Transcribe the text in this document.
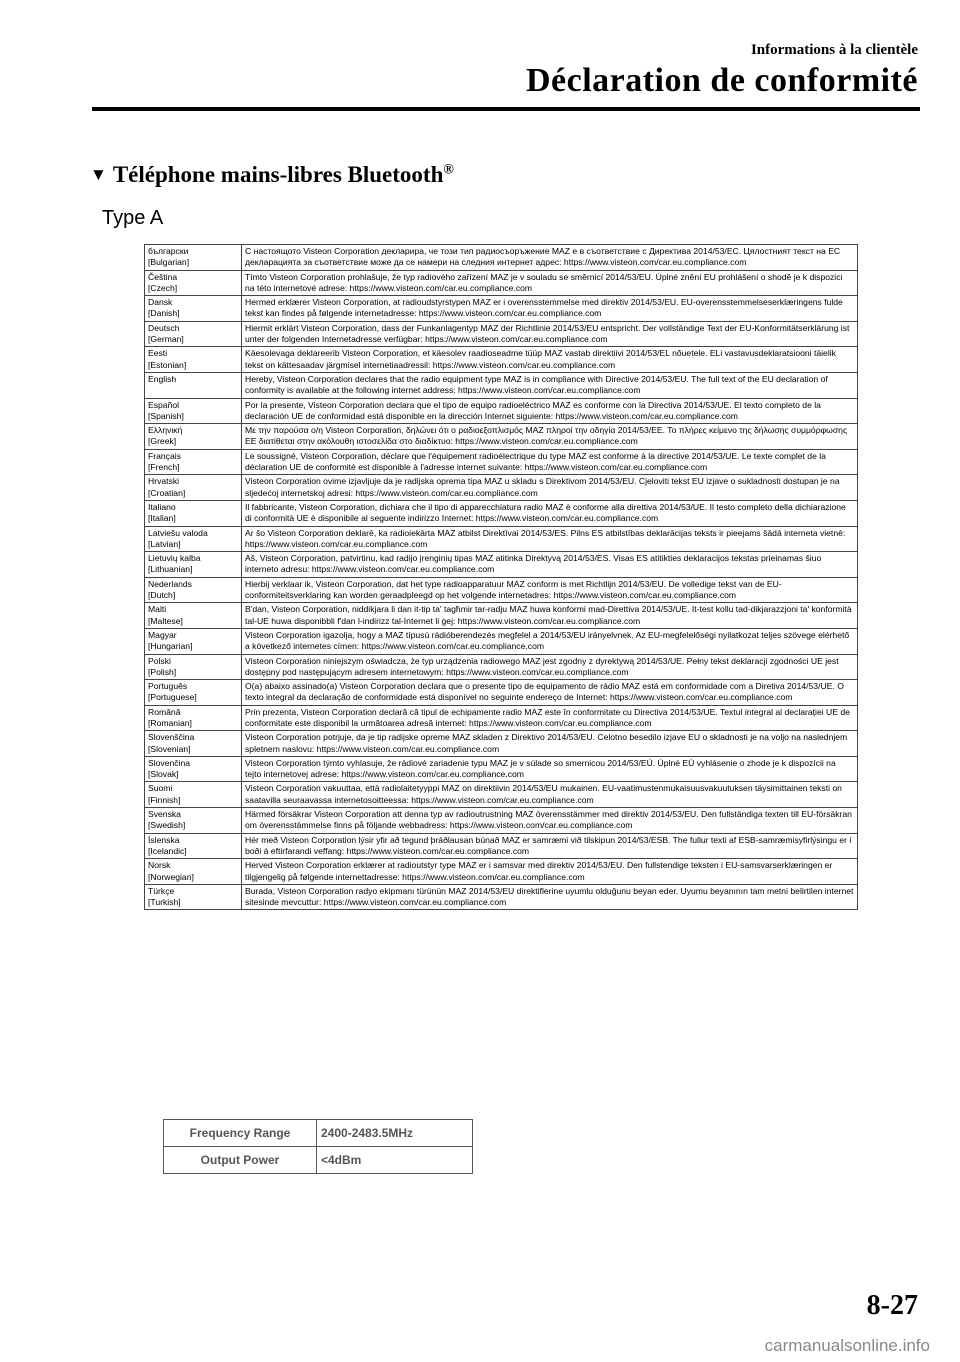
Informations à la clientèle
Déclaration de conformité
▼ Téléphone mains-libres Bluetooth®
Type A
български
[Bulgarian]	С настоящото Visteon Corporation декларира, че този тип радиосъоръжение MAZ е в съответствие с Директива 2014/53/ЕС. Цялостният текст на ЕС декларацията за съответствие може да се намери на следния интернет адрес: https://www.visteon.com/car.eu.compliance.com

Čeština
[Czech]	Tímto Visteon Corporation prohlašuje, že typ radiového zařízení MAZ je v souladu se směrnicí 2014/53/EU. Úplné znění EU prohlášení o shodě je k dispozici na této internetové adrese: https://www.visteon.com/car.eu.compliance.com

Dansk
[Danish]	Hermed erklærer Visteon Corporation, at radioudstyrstypen MAZ er i overensstemmelse med direktiv 2014/53/EU. EU-overensstemmelseserklæringens fulde tekst kan findes på følgende internetadresse: https://www.visteon.com/car.eu.compliance.com

Deutsch
[German]	Hiermit erklärt Visteon Corporation, dass der Funkanlagentyp MAZ der Richtlinie 2014/53/EU entspricht. Der vollständige Text der EU-Konformitätserklärung ist unter der folgenden Internetadresse verfügbar: https://www.visteon.com/car.eu.compliance.com

Eesti
[Estonian]	Käesolevaga deklareerib Visteon Corporation, et käesolev raadioseadme tüüp MAZ vastab direktiivi 2014/53/EL nõuetele. ELi vastavusdeklaratsiooni täielik tekst on kättesaadav järgmisel internetiaadressil: https://www.visteon.com/car.eu.compliance.com

English	Hereby, Visteon Corporation declares that the radio equipment type MAZ is in compliance with Directive 2014/53/EU. The full text of the EU declaration of conformity is available at the following internet address: https://www.visteon.com/car.eu.compliance.com

Español
[Spanish]	Por la presente, Visteon Corporation declara que el tipo de equipo radioeléctrico MAZ es conforme con la Directiva 2014/53/UE. El texto completo de la declaración UE de conformidad está disponible en la dirección Internet siguiente: https://www.visteon.com/car.eu.compliance.com

Ελληνική
[Greek]	Με την παρούσα ο/η Visteon Corporation, δηλώνει ότι ο ραδιοεξοπλισμός MAZ πληροί την οδηγία 2014/53/ΕΕ. Το πλήρες κείμενο της δήλωσης συμμόρφωσης ΕΕ διατίθεται στην ακόλουθη ιστοσελίδα στο διαδίκτυο: https://www.visteon.com/car.eu.compliance.com

Français
[French]	Le soussigné, Visteon Corporation, déclare que l'équipement radioélectrique du type MAZ est conforme à la directive 2014/53/UE. Le texte complet de la déclaration UE de conformité est disponible à l'adresse internet suivante: https://www.visteon.com/car.eu.compliance.com

Hrvatski
[Croatian]	Visteon Corporation ovime izjavljuje da je radijska oprema tipa MAZ u skladu s Direktivom 2014/53/EU. Cjeloviti tekst EU izjave o sukladnosti dostupan je na sljedećoj internetskoj adresi: https://www.visteon.com/car.eu.compliance.com

Italiano
[Italian]	Il fabbricante, Visteon Corporation, dichiara che il tipo di apparecchiatura radio MAZ è conforme alla direttiva 2014/53/UE. Il testo completo della dichiarazione di conformità UE è disponibile al seguente indirizzo Internet: https://www.visteon.com/car.eu.compliance.com

Latviešu valoda
[Latvian]	Ar šo Visteon Corporation deklarē, ka radioiekārta MAZ atbilst Direktīvai 2014/53/ES. Pilns ES atbilstības deklarācijas teksts ir pieejams šādā interneta vietnē: https://www.visteon.com/car.eu.compliance.com

Lietuvių kalba
[Lithuanian]	Aš, Visteon Corporation, patvirtinu, kad radijo įrenginių tipas MAZ atitinka Direktyvą 2014/53/ES. Visas ES atitikties deklaracijos tekstas prieinamas šiuo interneto adresu: https://www.visteon.com/car.eu.compliance.com

Nederlands
[Dutch]	Hierbij verklaar ik, Visteon Corporation, dat het type radioapparatuur MAZ conform is met Richtlijn 2014/53/EU. De volledige tekst van de EU-conformiteitsverklaring kan worden geraadpleegd op het volgende internetadres: https://www.visteon.com/car.eu.compliance.com

Malti
[Maltese]	B'dan, Visteon Corporation, niddikjara li dan it-tip ta' tagħmir tar-radju MAZ huwa konformi mad-Direttiva 2014/53/UE. It-test kollu tad-dikjarazzjoni ta' konformità tal-UE huwa disponibbli f'dan l-indirizz tal-Internet li ġej: https://www.visteon.com/car.eu.compliance.com

Magyar
[Hungarian]	Visteon Corporation igazolja, hogy a MAZ típusú rádióberendezés megfelel a 2014/53/EU irányelvnek. Az EU-megfelelőségi nyilatkozat teljes szövege elérhető a következő internetes címen: https://www.visteon.com/car.eu.compliance.com

Polski
[Polish]	Visteon Corporation niniejszym oświadcza, że typ urządzenia radiowego MAZ jest zgodny z dyrektywą 2014/53/UE. Pełny tekst deklaracji zgodności UE jest dostępny pod następującym adresem internetowym: https://www.visteon.com/car.eu.compliance.com

Português
[Portuguese]	O(a) abaixo assinado(a) Visteon Corporation declara que o presente tipo de equipamento de rádio MAZ está em conformidade com a Diretiva 2014/53/UE. O texto integral da declaração de conformidade está disponível no seguinte endereço de Internet: https://www.visteon.com/car.eu.compliance.com

Română
[Romanian]	Prin prezenta, Visteon Corporation declară că tipul de echipamente radio MAZ este în conformitate cu Directiva 2014/53/UE. Textul integral al declarației UE de conformitate este disponibil la următoarea adresă internet: https://www.visteon.com/car.eu.compliance.com

Slovenščina
[Slovenian]	Visteon Corporation potrjuje, da je tip radijske opreme MAZ skladen z Direktivo 2014/53/EU. Celotno besedilo izjave EU o skladnosti je na voljo na naslednjem spletnem naslovu: https://www.visteon.com/car.eu.compliance.com

Slovenčina
[Slovak]	Visteon Corporation týmto vyhlasuje, že rádiové zariadenie typu MAZ je v súlade so smernicou 2014/53/EÚ. Úplné EÚ vyhlásenie o zhode je k dispozícii na tejto internetovej adrese: https://www.visteon.com/car.eu.compliance.com

Suomi
[Finnish]	Visteon Corporation vakuuttaa, että radiolaitetyyppi MAZ on direktiivin 2014/53/EU mukainen. EU-vaatimustenmukaisuusvakuutuksen täysimittainen teksti on saatavilla seuraavassa internetosoitteessa: https://www.visteon.com/car.eu.compliance.com

Svenska
[Swedish]	Härmed försäkrar Visteon Corporation att denna typ av radioutrustning MAZ överensstämmer med direktiv 2014/53/EU. Den fullständiga texten till EU-försäkran om överensstämmelse finns på följande webbadress: https://www.visteon.com/car.eu.compliance.com

Íslenska
[Icelandic]	Hér með Visteon Corporation lýsir yfir að tegund þráðlausan búnað MAZ er samræmi við tilskipun 2014/53/ESB. The fullur texti af ESB-samræmisyfirlýsingu er í boði á eftirfarandi veffang: https://www.visteon.com/car.eu.compliance.com

Norsk
[Norwegian]	Herved Visteon Corporation erklærer at radioutstyr type MAZ er i samsvar med direktiv 2014/53/EU. Den fullstendige teksten i EU-samsvarserklæringen er tilgjengelig på følgende internettadresse: https://www.visteon.com/car.eu.compliance.com

Türkçe
[Turkish]	Burada, Visteon Corporation radyo ekipmanı türünün MAZ 2014/53/EU direktiflerine uyumlu olduğunu beyan eder. Uyumu beyanının tam metni belirtilen internet sitesinde mevcuttur: https://www.visteon.com/car.eu.compliance.com
Frequency Range	2400-2483.5MHz
Output Power	<4dBm
8-27
carmanualsonline.info
